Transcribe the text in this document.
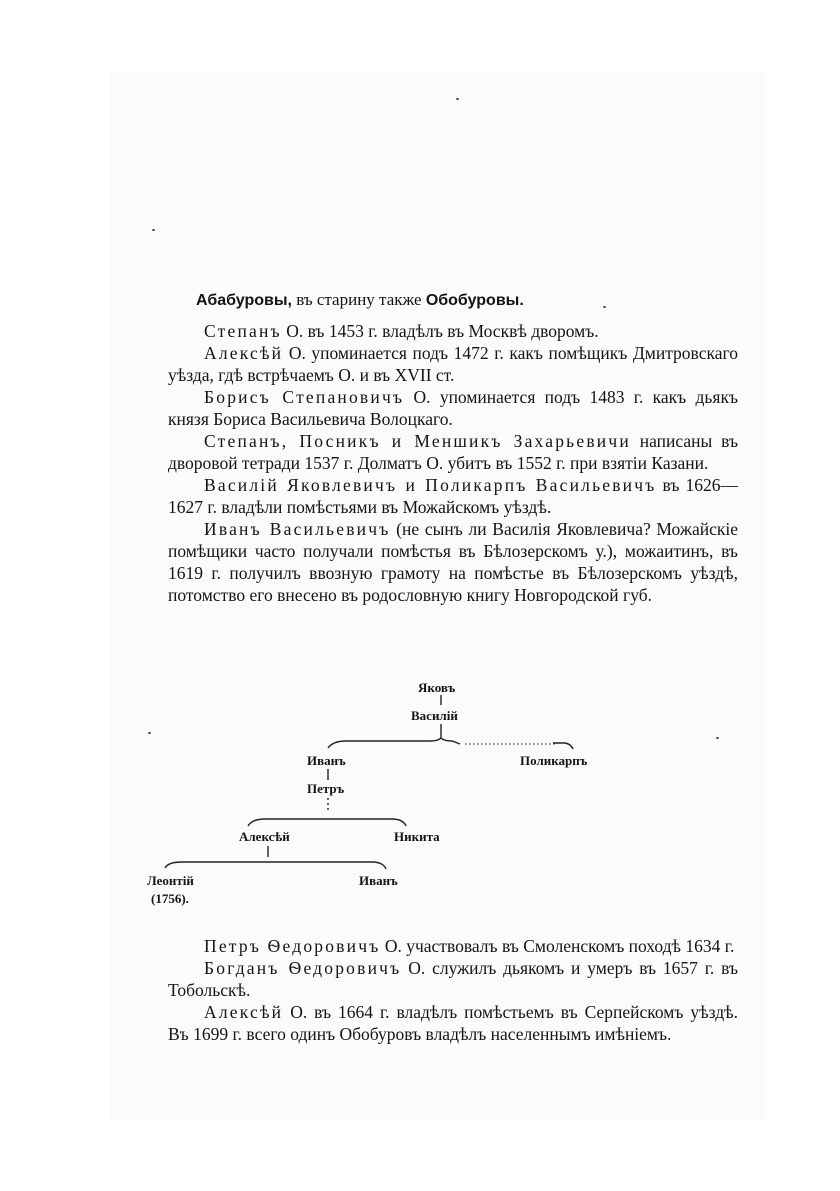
Абабуровы, въ старину также Обобуровы.

Степанъ О. въ 1453 г. владѣлъ въ Москвѣ дворомъ.

Алексѣй О. упоминается подъ 1472 г. какъ помѣщикъ Дмитровскаго уѣзда, гдѣ встрѣчаемъ О. и въ XVII ст.

Борисъ Степановичъ О. упоминается подъ 1483 г. какъ дьякъ князя Бориса Васильевича Волоцкаго.

Степанъ, Посникъ и Меншикъ Захарьевичи написаны въ дворовой тетради 1537 г. Долматъ О. убитъ въ 1552 г. при взятіи Казани.

Василій Яковлевичъ и Поликарпъ Васильевичъ въ 1626—1627 г. владѣли помѣстьями въ Можайскомъ уѣздѣ.

Иванъ Васильевичъ (не сынъ ли Василія Яковлевича? Можайскіе помѣщики часто получали помѣстья въ Бѣлозерскомъ у.), можаитинъ, въ 1619 г. получилъ ввозную грамоту на помѣстье въ Бѣлозерскомъ уѣздѣ, потомство его внесено въ родословную книгу Новгородской губ.

Яковъ
Василій
Иванъ	Поликарпъ
Петръ
Алексѣй	Никита
Леонтій
(1756).
Иванъ

Петръ Ѳедоровичъ О. участвовалъ въ Смоленскомъ походѣ 1634 г.

Богданъ Ѳедоровичъ О. служилъ дьякомъ и умеръ въ 1657 г. въ Тобольскѣ.

Алексѣй О. въ 1664 г. владѣлъ помѣстьемъ въ Серпейскомъ уѣздѣ. Въ 1699 г. всего одинъ Обобуровъ владѣлъ населеннымъ имѣніемъ.
